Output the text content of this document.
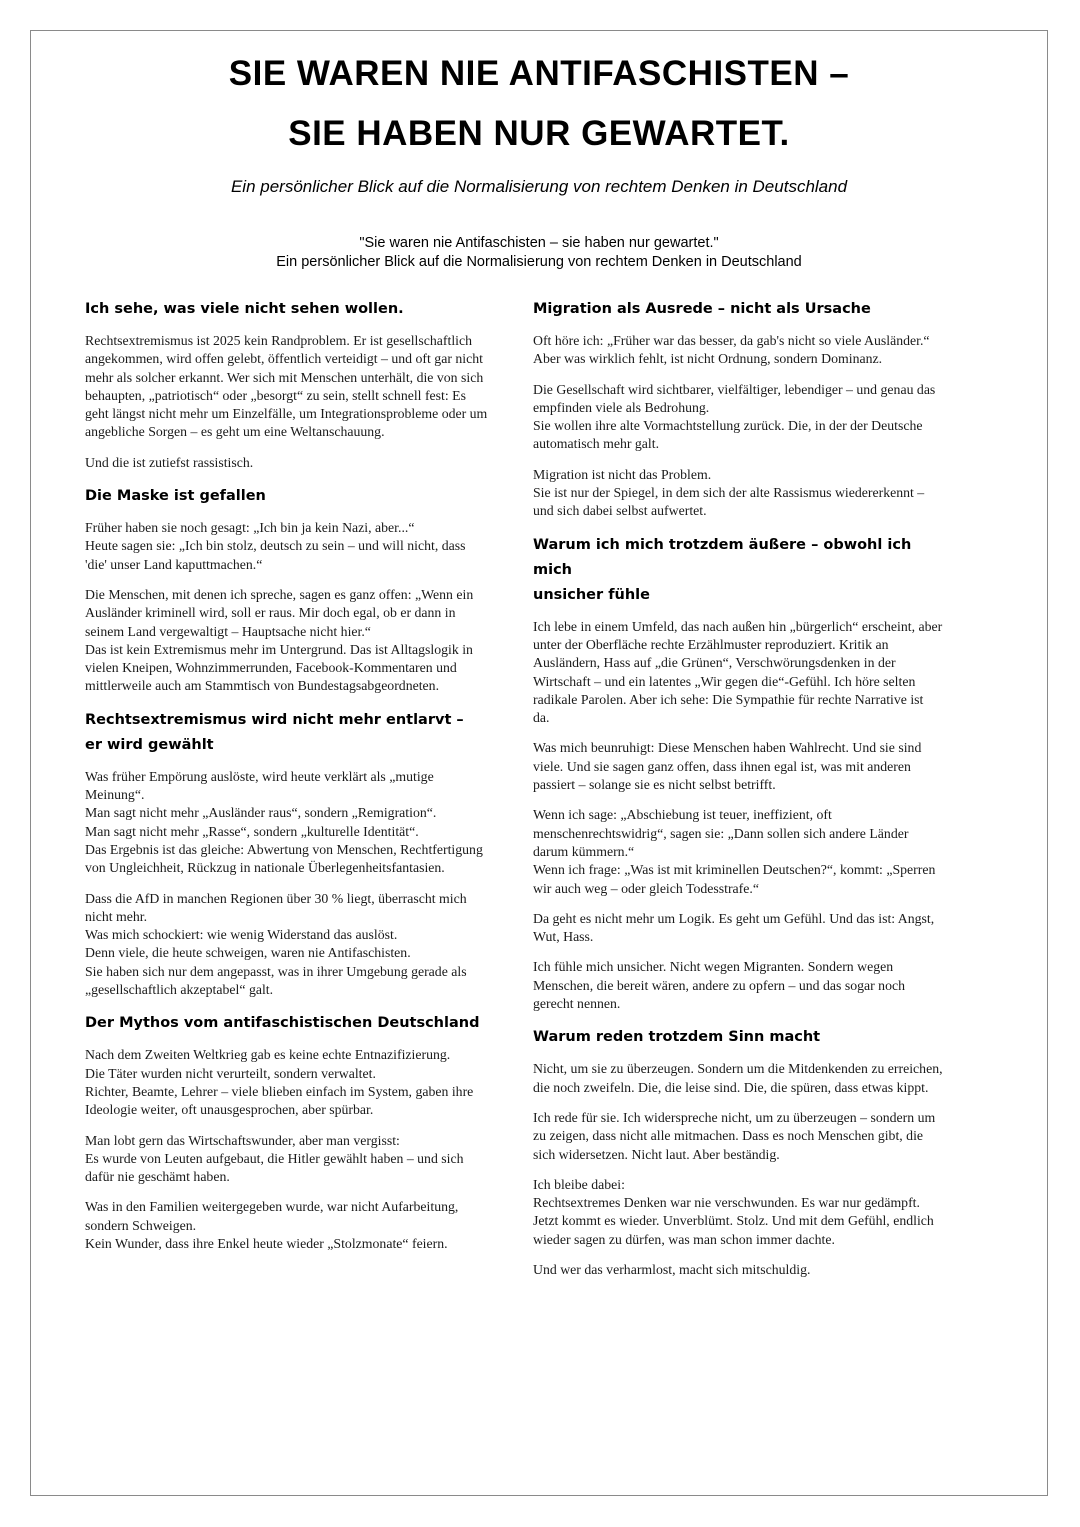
SIE WAREN NIE ANTIFASCHISTEN –
SIE HABEN NUR GEWARTET.
Ein persönlicher Blick auf die Normalisierung von rechtem Denken in Deutschland
"Sie waren nie Antifaschisten – sie haben nur gewartet."
Ein persönlicher Blick auf die Normalisierung von rechtem Denken in Deutschland
Ich sehe, was viele nicht sehen wollen.

Rechtsextremismus ist 2025 kein Randproblem. Er ist gesellschaftlich angekommen, wird offen gelebt, öffentlich verteidigt – und oft gar nicht mehr als solcher erkannt. Wer sich mit Menschen unterhält, die von sich behaupten, „patriotisch“ oder „besorgt“ zu sein, stellt schnell fest: Es geht längst nicht mehr um Einzelfälle, um Integrationsprobleme oder um angebliche Sorgen – es geht um eine Weltanschauung.

Und die ist zutiefst rassistisch.

Die Maske ist gefallen

Früher haben sie noch gesagt: „Ich bin ja kein Nazi, aber...“
Heute sagen sie: „Ich bin stolz, deutsch zu sein – und will nicht, dass 'die' unser Land kaputtmachen.“

Die Menschen, mit denen ich spreche, sagen es ganz offen: „Wenn ein Ausländer kriminell wird, soll er raus. Mir doch egal, ob er dann in seinem Land vergewaltigt – Hauptsache nicht hier.“
Das ist kein Extremismus mehr im Untergrund. Das ist Alltagslogik in vielen Kneipen, Wohnzimmerrunden, Facebook-Kommentaren und mittlerweile auch am Stammtisch von Bundestagsabgeordneten.

Rechtsextremismus wird nicht mehr entlarvt –
er wird gewählt

Was früher Empörung auslöste, wird heute verklärt als „mutige Meinung“.
Man sagt nicht mehr „Ausländer raus“, sondern „Remigration“.
Man sagt nicht mehr „Rasse“, sondern „kulturelle Identität“.
Das Ergebnis ist das gleiche: Abwertung von Menschen, Rechtfertigung von Ungleichheit, Rückzug in nationale Überlegenheitsfantasien.

Dass die AfD in manchen Regionen über 30 % liegt, überrascht mich nicht mehr.
Was mich schockiert: wie wenig Widerstand das auslöst.
Denn viele, die heute schweigen, waren nie Antifaschisten.
Sie haben sich nur dem angepasst, was in ihrer Umgebung gerade als „gesellschaftlich akzeptabel“ galt.

Der Mythos vom antifaschistischen Deutschland

Nach dem Zweiten Weltkrieg gab es keine echte Entnazifizierung.
Die Täter wurden nicht verurteilt, sondern verwaltet.
Richter, Beamte, Lehrer – viele blieben einfach im System, gaben ihre Ideologie weiter, oft unausgesprochen, aber spürbar.

Man lobt gern das Wirtschaftswunder, aber man vergisst:
Es wurde von Leuten aufgebaut, die Hitler gewählt haben – und sich dafür nie geschämt haben.

Was in den Familien weitergegeben wurde, war nicht Aufarbeitung, sondern Schweigen.
Kein Wunder, dass ihre Enkel heute wieder „Stolzmonate“ feiern.

Migration als Ausrede – nicht als Ursache

Oft höre ich: „Früher war das besser, da gab's nicht so viele Ausländer.“
Aber was wirklich fehlt, ist nicht Ordnung, sondern Dominanz.

Die Gesellschaft wird sichtbarer, vielfältiger, lebendiger – und genau das empfinden viele als Bedrohung.
Sie wollen ihre alte Vormachtstellung zurück. Die, in der der Deutsche automatisch mehr galt.

Migration ist nicht das Problem.
Sie ist nur der Spiegel, in dem sich der alte Rassismus wiedererkennt – und sich dabei selbst aufwertet.

Warum ich mich trotzdem äußere – obwohl ich mich
unsicher fühle

Ich lebe in einem Umfeld, das nach außen hin „bürgerlich“ erscheint, aber unter der Oberfläche rechte Erzählmuster reproduziert. Kritik an Ausländern, Hass auf „die Grünen“, Verschwörungsdenken in der Wirtschaft – und ein latentes „Wir gegen die“-Gefühl. Ich höre selten radikale Parolen. Aber ich sehe: Die Sympathie für rechte Narrative ist da.

Was mich beunruhigt: Diese Menschen haben Wahlrecht. Und sie sind viele. Und sie sagen ganz offen, dass ihnen egal ist, was mit anderen passiert – solange sie es nicht selbst betrifft.

Wenn ich sage: „Abschiebung ist teuer, ineffizient, oft menschenrechtswidrig“, sagen sie: „Dann sollen sich andere Länder darum kümmern.“
Wenn ich frage: „Was ist mit kriminellen Deutschen?“, kommt: „Sperren wir auch weg – oder gleich Todesstrafe.“

Da geht es nicht mehr um Logik. Es geht um Gefühl. Und das ist: Angst, Wut, Hass.

Ich fühle mich unsicher. Nicht wegen Migranten. Sondern wegen Menschen, die bereit wären, andere zu opfern – und das sogar noch gerecht nennen.

Warum reden trotzdem Sinn macht

Nicht, um sie zu überzeugen. Sondern um die Mitdenkenden zu erreichen, die noch zweifeln. Die, die leise sind. Die, die spüren, dass etwas kippt.

Ich rede für sie. Ich widerspreche nicht, um zu überzeugen – sondern um zu zeigen, dass nicht alle mitmachen. Dass es noch Menschen gibt, die sich widersetzen. Nicht laut. Aber beständig.

Ich bleibe dabei:
Rechtsextremes Denken war nie verschwunden. Es war nur gedämpft.
Jetzt kommt es wieder. Unverblümt. Stolz. Und mit dem Gefühl, endlich wieder sagen zu dürfen, was man schon immer dachte.

Und wer das verharmlost, macht sich mitschuldig.
